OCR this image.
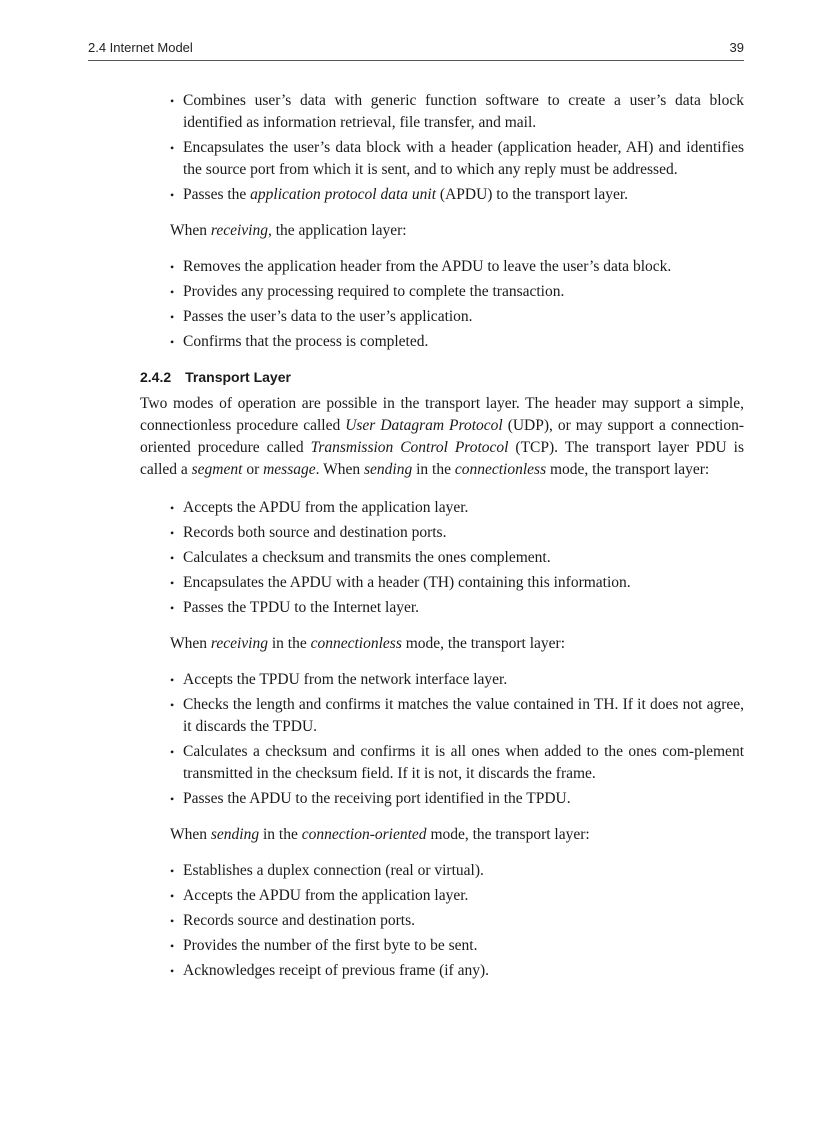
2.4 Internet Model	39
• Combines user’s data with generic function software to create a user’s data block identified as information retrieval, file transfer, and mail.
• Encapsulates the user’s data block with a header (application header, AH) and identifies the source port from which it is sent, and to which any reply must be addressed.
• Passes the application protocol data unit (APDU) to the transport layer.

When receiving, the application layer:

• Removes the application header from the APDU to leave the user’s data block.
• Provides any processing required to complete the transaction.
• Passes the user’s data to the user’s application.
• Confirms that the process is completed.
2.4.2 Transport Layer

Two modes of operation are possible in the transport layer. The header may support a simple, connectionless procedure called User Datagram Protocol (UDP), or may support a connection-oriented procedure called Transmission Control Protocol (TCP). The transport layer PDU is called a segment or message. When sending in the connectionless mode, the transport layer:

• Accepts the APDU from the application layer.
• Records both source and destination ports.
• Calculates a checksum and transmits the ones complement.
• Encapsulates the APDU with a header (TH) containing this information.
• Passes the TPDU to the Internet layer.

When receiving in the connectionless mode, the transport layer:

• Accepts the TPDU from the network interface layer.
• Checks the length and confirms it matches the value contained in TH. If it does not agree, it discards the TPDU.
• Calculates a checksum and confirms it is all ones when added to the ones com-plement transmitted in the checksum field. If it is not, it discards the frame.
• Passes the APDU to the receiving port identified in the TPDU.

When sending in the connection-oriented mode, the transport layer:

• Establishes a duplex connection (real or virtual).
• Accepts the APDU from the application layer.
• Records source and destination ports.
• Provides the number of the first byte to be sent.
• Acknowledges receipt of previous frame (if any).
